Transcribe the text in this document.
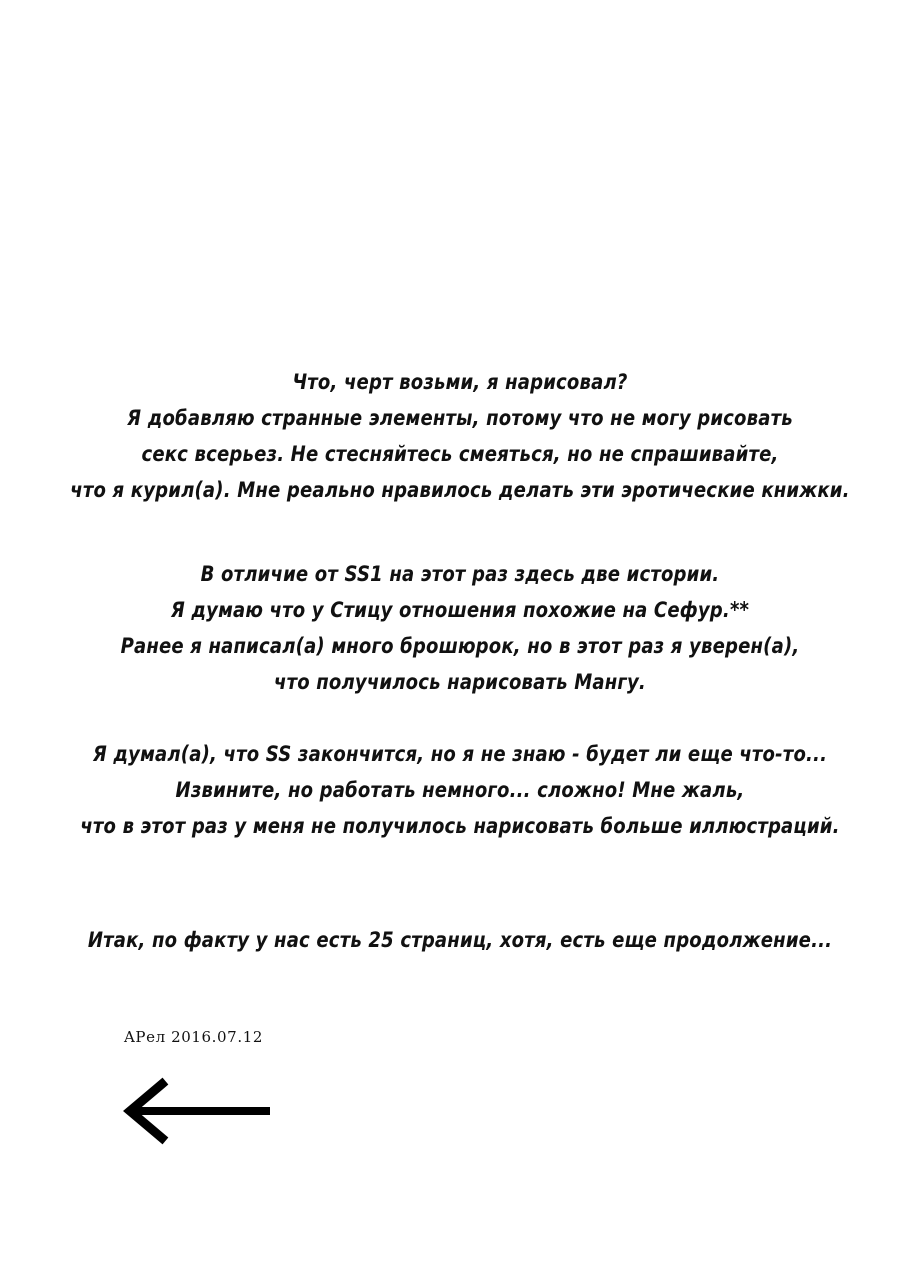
Что, черт возьми, я нарисовал?
Я добавляю странные элементы, потому что не могу рисовать
секс всерьез. Не стесняйтесь смеяться, но не спрашивайте,
что я курил(а). Мне реально нравилось делать эти эротические книжки.
В отличие от SS1 на этот раз здесь две истории.
Я думаю что у Стицу отношения похожие на Сефур.**
Ранее я написал(а) много брошюрок, но в этот раз я уверен(а),
что получилось нарисовать Мангу.
Я думал(а), что SS закончится, но я не знаю - будет ли еще что-то...
Извините, но работать немного... сложно! Мне жаль,
что в этот раз у меня не получилось нарисовать больше иллюстраций.
Итак, по факту у нас есть 25 страниц, хотя, есть еще продолжение...
APел 2016.07.12
